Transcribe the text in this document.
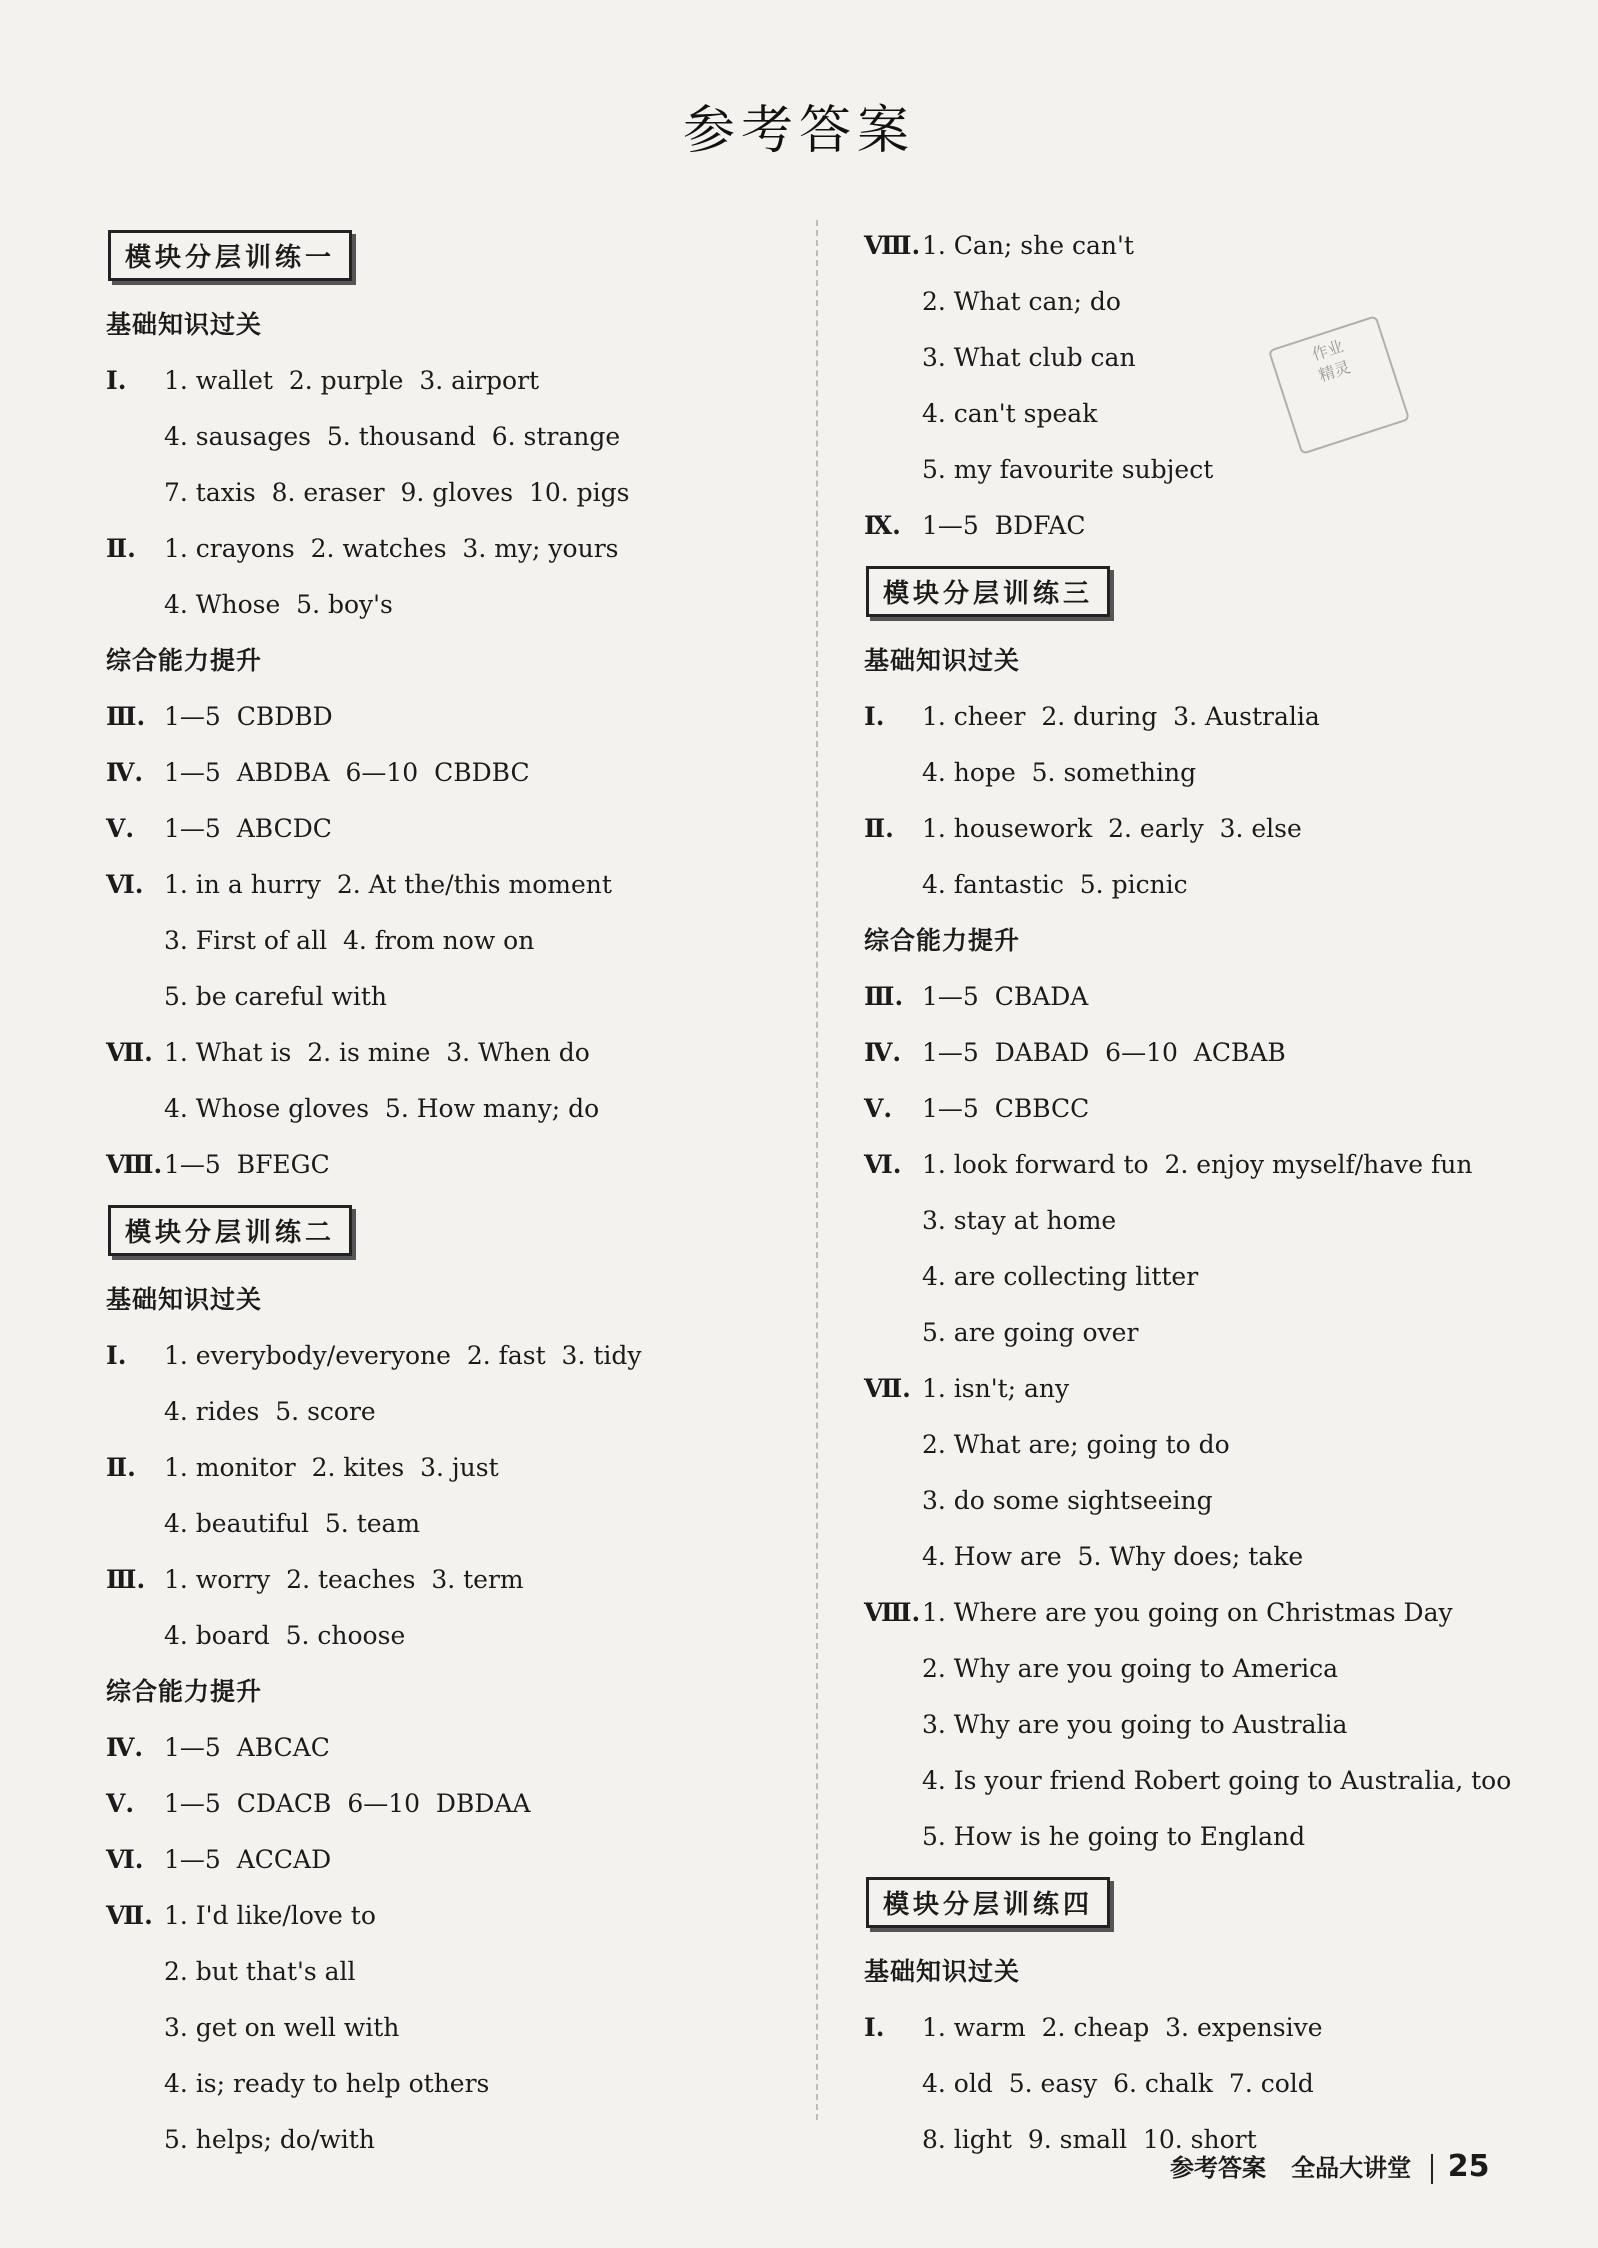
参考答案
模块分层训练一
基础知识过关
Ⅰ. 1. wallet  2. purple  3. airport
4. sausages  5. thousand  6. strange
7. taxis  8. eraser  9. gloves  10. pigs
Ⅱ. 1. crayons  2. watches  3. my; yours
4. Whose  5. boy's
综合能力提升
Ⅲ. 1—5  CBDBD
Ⅳ. 1—5  ABDBA  6—10  CBDBC
Ⅴ. 1—5  ABCDC
Ⅵ. 1. in a hurry  2. At the/this moment
3. First of all  4. from now on
5. be careful with
Ⅶ. 1. What is  2. is mine  3. When do
4. Whose gloves  5. How many; do
Ⅷ.1—5  BFEGC
模块分层训练二
基础知识过关
Ⅰ. 1. everybody/everyone  2. fast  3. tidy
4. rides  5. score
Ⅱ. 1. monitor  2. kites  3. just
4. beautiful  5. team
Ⅲ. 1. worry  2. teaches  3. term
4. board  5. choose
综合能力提升
Ⅳ. 1—5  ABCAC
Ⅴ. 1—5  CDACB  6—10  DBDAA
Ⅵ. 1—5  ACCAD
Ⅶ. 1. I'd like/love to
2. but that's all
3. get on well with
4. is; ready to help others
5. helps; do/with
Ⅷ.1. Can; she can't
2. What can; do
3. What club can
4. can't speak
5. my favourite subject
Ⅸ. 1—5  BDFAC
模块分层训练三
基础知识过关
Ⅰ. 1. cheer  2. during  3. Australia
4. hope  5. something
Ⅱ. 1. housework  2. early  3. else
4. fantastic  5. picnic
综合能力提升
Ⅲ. 1—5  CBADA
Ⅳ. 1—5  DABAD  6—10  ACBAB
Ⅴ. 1—5  CBBCC
Ⅵ. 1. look forward to  2. enjoy myself/have fun
3. stay at home
4. are collecting litter
5. are going over
Ⅶ. 1. isn't; any
2. What are; going to do
3. do some sightseeing
4. How are  5. Why does; take
Ⅷ.1. Where are you going on Christmas Day
2. Why are you going to America
3. Why are you going to Australia
4. Is your friend Robert going to Australia, too
5. How is he going to England
模块分层训练四
基础知识过关
Ⅰ. 1. warm  2. cheap  3. expensive
4. old  5. easy  6. chalk  7. cold
8. light  9. small  10. short
作业
精灵
参考答案 全品大讲堂 25
